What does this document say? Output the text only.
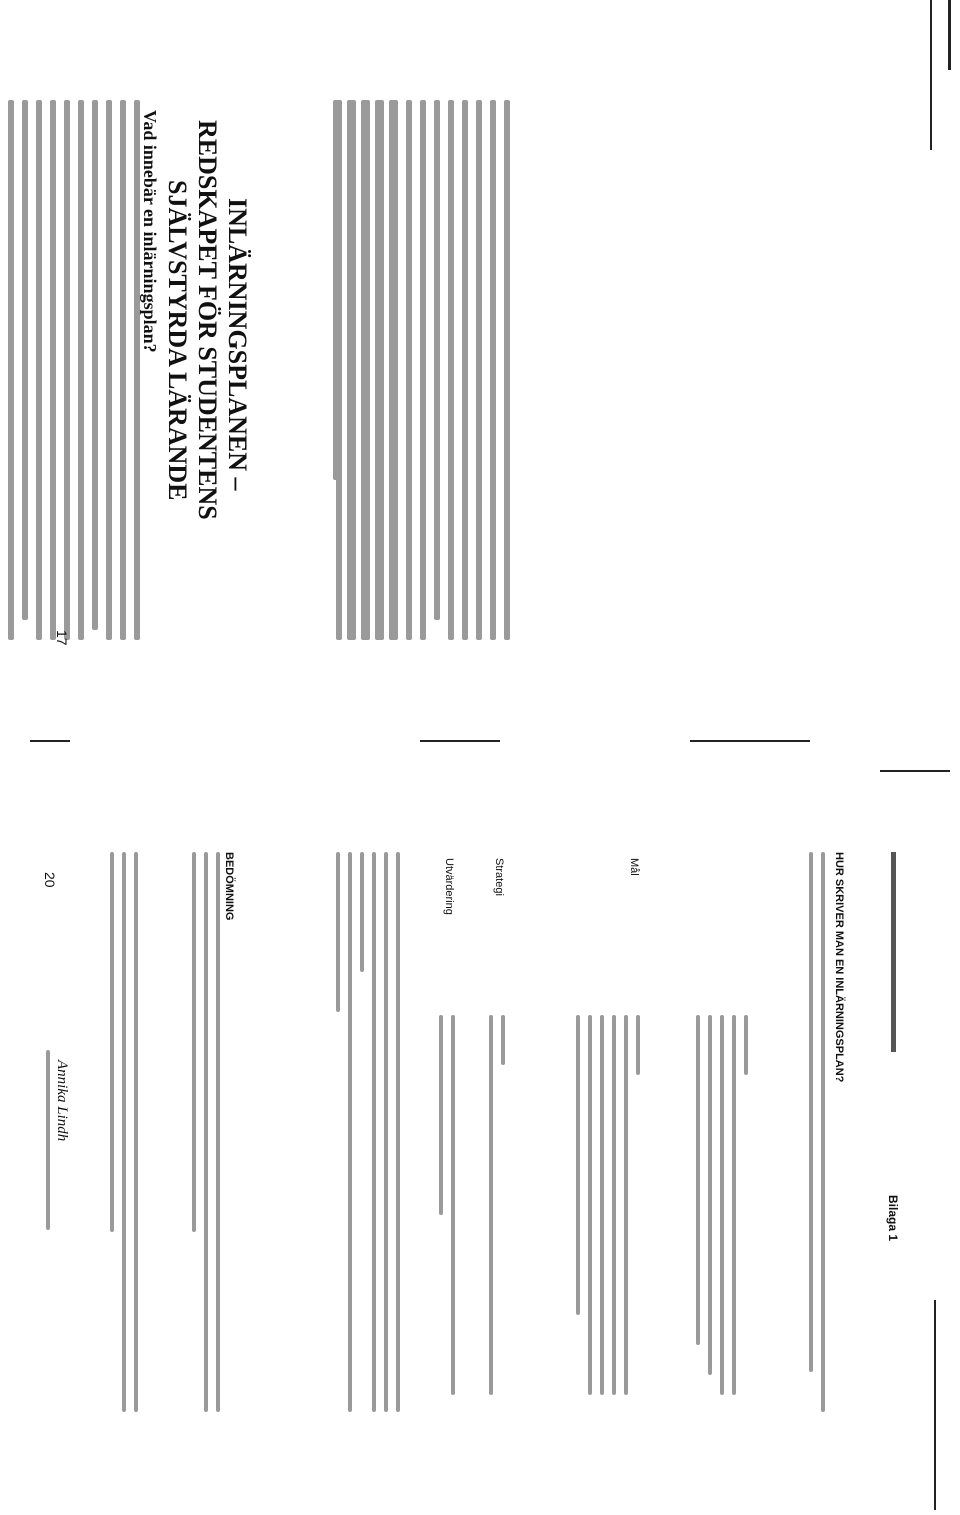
INLÄRNINGSPLANEN –
REDSKAPET FÖR STUDENTENS
SJÄLVSTYRDA LÄRANDE
Vad innebär en inlärningsplan?
17
Bilaga 1
HUR SKRIVER MAN EN INLÄRNINGSPLAN?
Mål
Strategi
Utvärdering
BEDÖMNING
Annika Lindh
20
